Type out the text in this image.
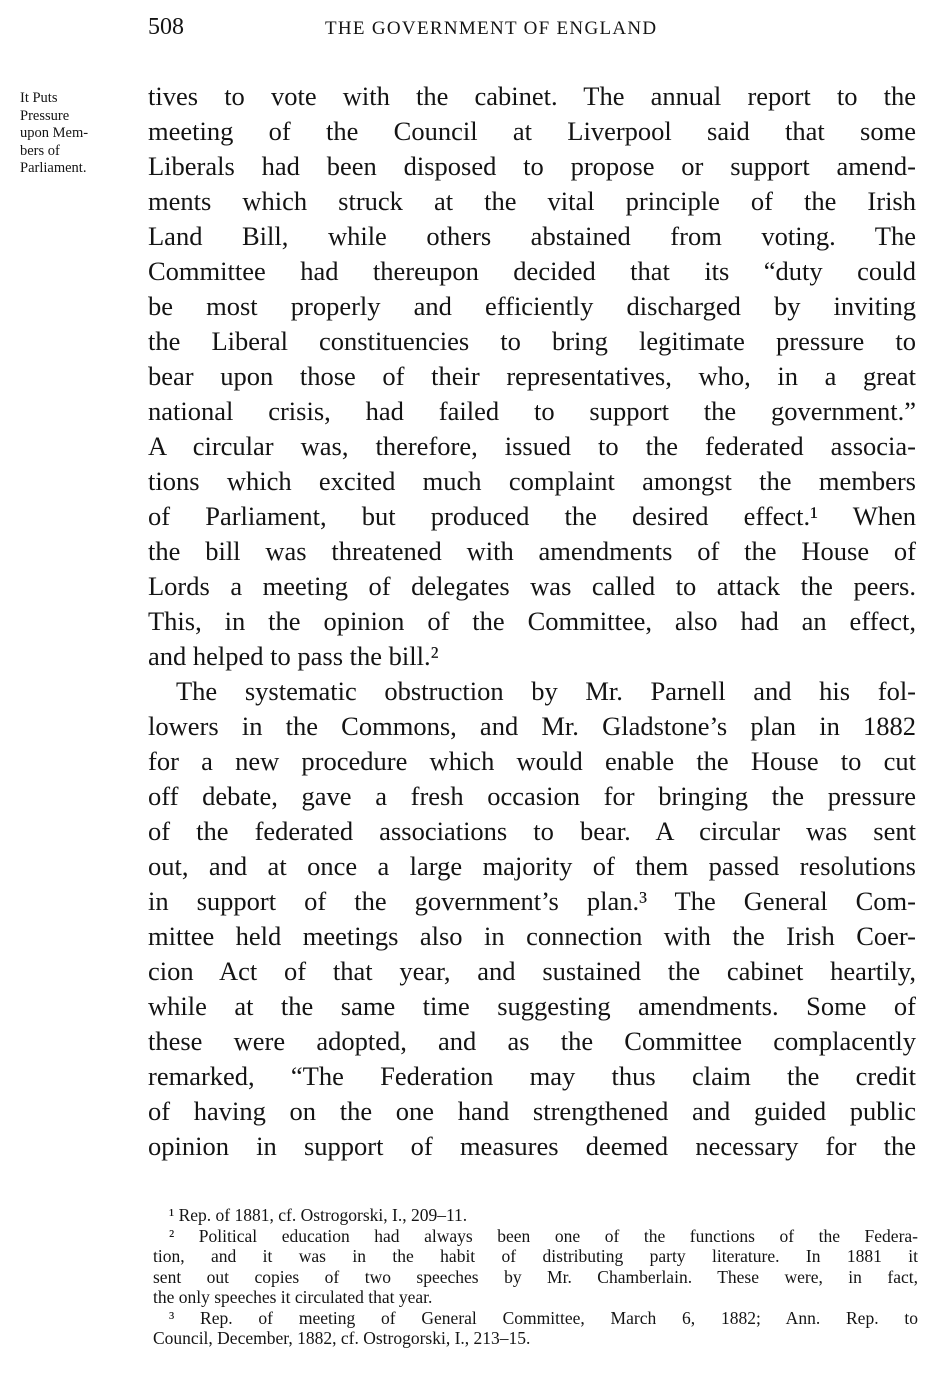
508	THE GOVERNMENT OF ENGLAND
It Puts
Pressure
upon Mem-
bers of
Parliament.
tives to vote with the cabinet. The annual report to the
meeting of the Council at Liverpool said that some
Liberals had been disposed to propose or support amend-
ments which struck at the vital principle of the Irish
Land Bill, while others abstained from voting. The
Committee had thereupon decided that its “duty could
be most properly and efficiently discharged by inviting
the Liberal constituencies to bring legitimate pressure to
bear upon those of their representatives, who, in a great
national crisis, had failed to support the government.”
A circular was, therefore, issued to the federated associa-
tions which excited much complaint amongst the members
of Parliament, but produced the desired effect.¹ When
the bill was threatened with amendments of the House of
Lords a meeting of delegates was called to attack the peers.
This, in the opinion of the Committee, also had an effect,
and helped to pass the bill.²
The systematic obstruction by Mr. Parnell and his fol-
lowers in the Commons, and Mr. Gladstone’s plan in 1882
for a new procedure which would enable the House to cut
off debate, gave a fresh occasion for bringing the pressure
of the federated associations to bear. A circular was sent
out, and at once a large majority of them passed resolutions
in support of the government’s plan.³ The General Com-
mittee held meetings also in connection with the Irish Coer-
cion Act of that year, and sustained the cabinet heartily,
while at the same time suggesting amendments. Some of
these were adopted, and as the Committee complacently
remarked, “The Federation may thus claim the credit
of having on the one hand strengthened and guided public
opinion in support of measures deemed necessary for the
¹ Rep. of 1881, cf. Ostrogorski, I., 209–11.
² Political education had always been one of the functions of the Federa-
tion, and it was in the habit of distributing party literature. In 1881 it
sent out copies of two speeches by Mr. Chamberlain. These were, in fact,
the only speeches it circulated that year.
³ Rep. of meeting of General Committee, March 6, 1882; Ann. Rep. to
Council, December, 1882, cf. Ostrogorski, I., 213–15.
